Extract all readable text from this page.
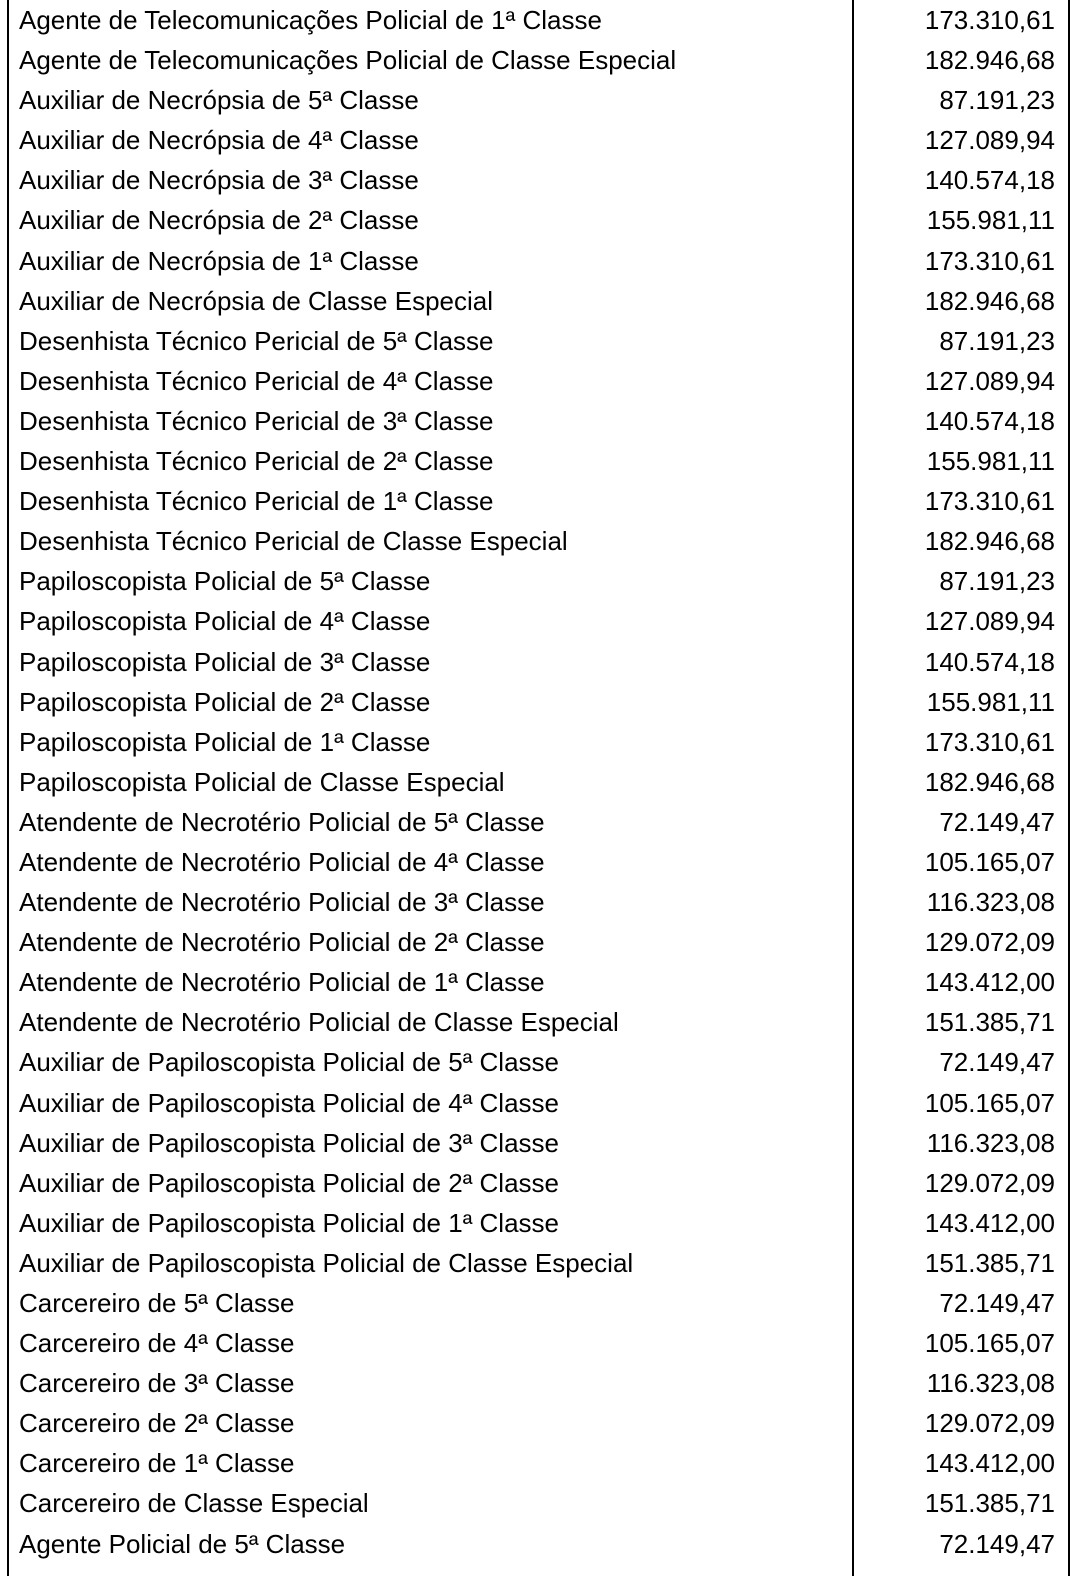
Agente de Telecomunicações Policial de 1ª Classe	173.310,61
Agente de Telecomunicações Policial de Classe Especial	182.946,68
Auxiliar de Necrópsia de 5ª Classe	87.191,23
Auxiliar de Necrópsia de 4ª Classe	127.089,94
Auxiliar de Necrópsia de 3ª Classe	140.574,18
Auxiliar de Necrópsia de 2ª Classe	155.981,11
Auxiliar de Necrópsia de 1ª Classe	173.310,61
Auxiliar de Necrópsia de Classe Especial	182.946,68
Desenhista Técnico Pericial de 5ª Classe	87.191,23
Desenhista Técnico Pericial de 4ª Classe	127.089,94
Desenhista Técnico Pericial de 3ª Classe	140.574,18
Desenhista Técnico Pericial de 2ª Classe	155.981,11
Desenhista Técnico Pericial de 1ª Classe	173.310,61
Desenhista Técnico Pericial de Classe Especial	182.946,68
Papiloscopista Policial de 5ª Classe	87.191,23
Papiloscopista Policial de 4ª Classe	127.089,94
Papiloscopista Policial de 3ª Classe	140.574,18
Papiloscopista Policial de 2ª Classe	155.981,11
Papiloscopista Policial de 1ª Classe	173.310,61
Papiloscopista Policial de Classe Especial	182.946,68
Atendente de Necrotério Policial de 5ª Classe	72.149,47
Atendente de Necrotério Policial de 4ª Classe	105.165,07
Atendente de Necrotério Policial de 3ª Classe	116.323,08
Atendente de Necrotério Policial de 2ª Classe	129.072,09
Atendente de Necrotério Policial de 1ª Classe	143.412,00
Atendente de Necrotério Policial de Classe Especial	151.385,71
Auxiliar de Papiloscopista Policial de 5ª Classe	72.149,47
Auxiliar de Papiloscopista Policial de 4ª Classe	105.165,07
Auxiliar de Papiloscopista Policial de 3ª Classe	116.323,08
Auxiliar de Papiloscopista Policial de 2ª Classe	129.072,09
Auxiliar de Papiloscopista Policial de 1ª Classe	143.412,00
Auxiliar de Papiloscopista Policial de Classe Especial	151.385,71
Carcereiro de 5ª Classe	72.149,47
Carcereiro de 4ª Classe	105.165,07
Carcereiro de 3ª Classe	116.323,08
Carcereiro de 2ª Classe	129.072,09
Carcereiro de 1ª Classe	143.412,00
Carcereiro de Classe Especial	151.385,71
Agente Policial de 5ª Classe	72.149,47
